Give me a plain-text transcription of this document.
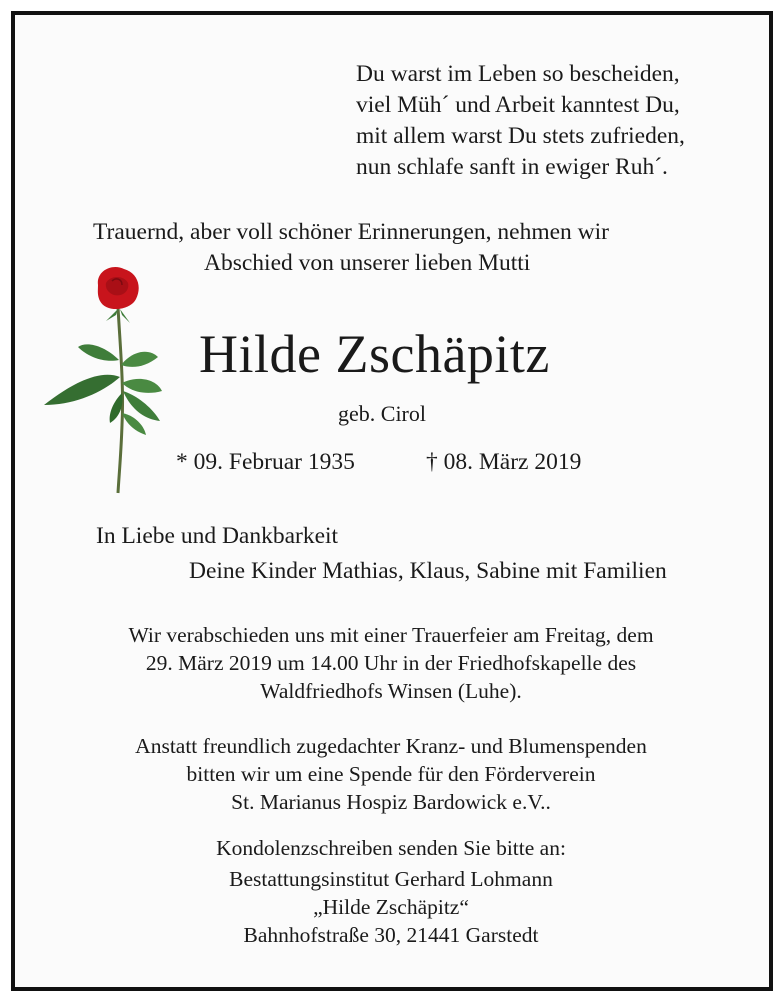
Du warst im Leben so bescheiden,
viel Müh´ und Arbeit kanntest Du,
mit allem warst Du stets zufrieden,
nun schlafe sanft in ewiger Ruh´.
Trauernd, aber voll schöner Erinnerungen, nehmen wir
Abschied von unserer lieben Mutti
Hilde Zschäpitz
geb. Cirol
* 09. Februar 1935	† 08. März 2019
In Liebe und Dankbarkeit
Deine Kinder Mathias, Klaus, Sabine mit Familien
Wir verabschieden uns mit einer Trauerfeier am Freitag, dem
29. März 2019 um 14.00 Uhr in der Friedhofskapelle des
Waldfriedhofs Winsen (Luhe).
Anstatt freundlich zugedachter Kranz- und Blumenspenden
bitten wir um eine Spende für den Förderverein
St. Marianus Hospiz Bardowick e.V..
Kondolenzschreiben senden Sie bitte an:
Bestattungsinstitut Gerhard Lohmann
„Hilde Zschäpitz“
Bahnhofstraße 30, 21441 Garstedt
